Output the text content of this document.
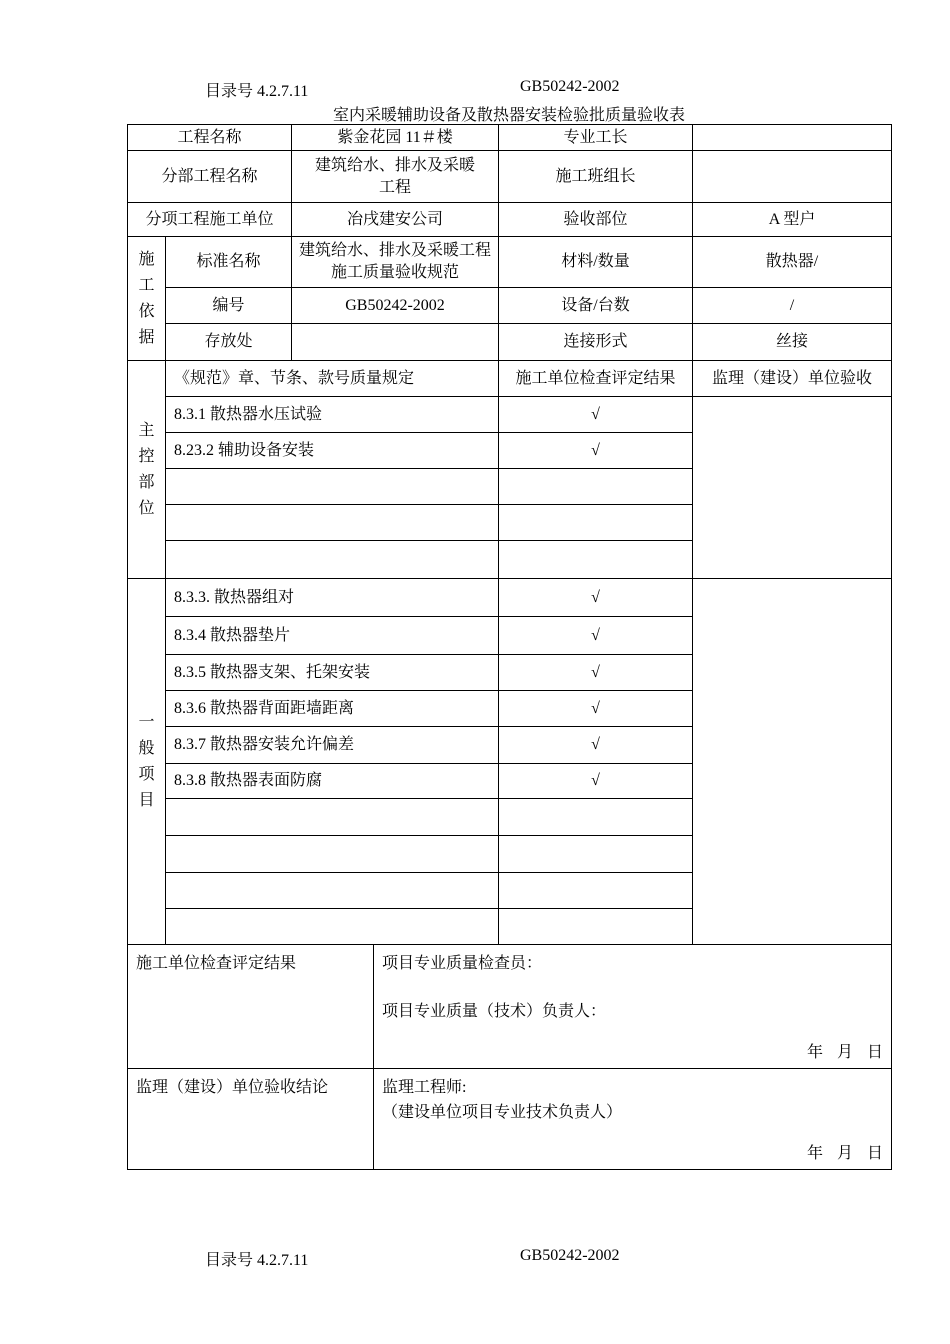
目录号 4.2.7.11	GB50242-2002
室内采暖辅助设备及散热器安装检验批质量验收表
工程名称		紫金花园 11＃楼		专业工长	
分部工程名称		建筑给水、排水及采暖工程		施工班组长	
分项工程施工单位		冶戌建安公司		验收部位	A 型户

施
工
依
据	标准名称	建筑给水、排水及采暖工程施工质量验收规范		材料/数量	散热器/
	编号	GB50242-2002		设备/台数	/
	存放处			连接形式	丝接

主
控
部
位	《规范》章、节条、款号质量规定			施工单位检查评定结果	监理（建设）单位验收
	8.3.1 散热器水压试验			√	
	8.23.2 辅助设备安装			√	

一
般
项
目	8.3.3. 散热器组对			√	
	8.3.4 散热器垫片			√	
	8.3.5 散热器支架、托架安装			√	
	8.3.6 散热器背面距墙距离			√	
	8.3.7 散热器安装允许偏差			√	
	8.3.8 散热器表面防腐			√	

施工单位检查评定结果			项目专业质量检查员：
项目专业质量（技术）负责人：
年 月 日		

监理（建设）单位验收结论			监理工程师:
（建设单位项目专业技术负责人）
年 月 日		
目录号 4.2.7.11	GB50242-2002
